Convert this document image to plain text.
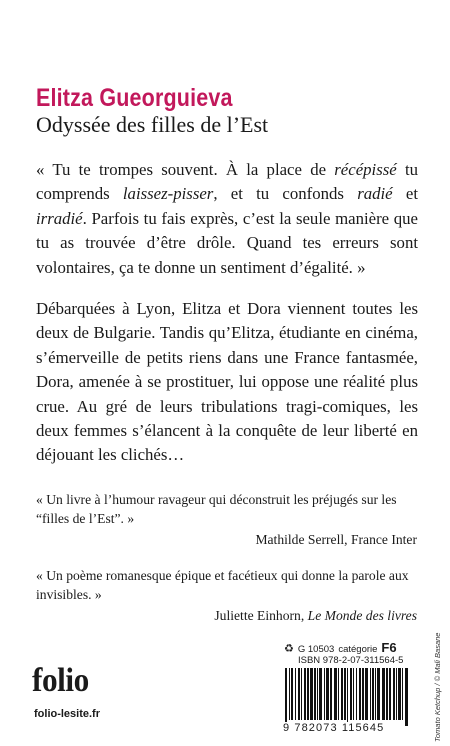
Elitza Gueorguieva
Odyssée des filles de l’Est

« Tu te trompes souvent. À la place de récépissé tu comprends laissez-pisser, et tu confonds radié et irradié. Parfois tu fais exprès, c’est la seule manière que tu as trouvée d’être drôle. Quand tes erreurs sont volontaires, ça te donne un sentiment d’égalité. »

Débarquées à Lyon, Elitza et Dora viennent toutes les deux de Bulgarie. Tandis qu’Elitza, étudiante en cinéma, s’émerveille de petits riens dans une France fantasmée, Dora, amenée à se prostituer, lui oppose une réalité plus crue. Au gré de leurs tribulations tragi-comiques, les deux femmes s’élancent à la conquête de leur liberté en déjouant les clichés…

« Un livre à l’humour ravageur qui déconstruit les préjugés sur les “filles de l’Est”. »

Mathilde Serrell, France Inter

« Un poème romanesque épique et facétieux qui donne la parole aux invisibles. »

Juliette Einhorn, Le Monde des livres
folio
folio-lesite.fr
♻ G 10503 catégorie F6
ISBN 978-2-07-311564-5
9 782073 115645	Tomato Ketchup / © Mali Basane
